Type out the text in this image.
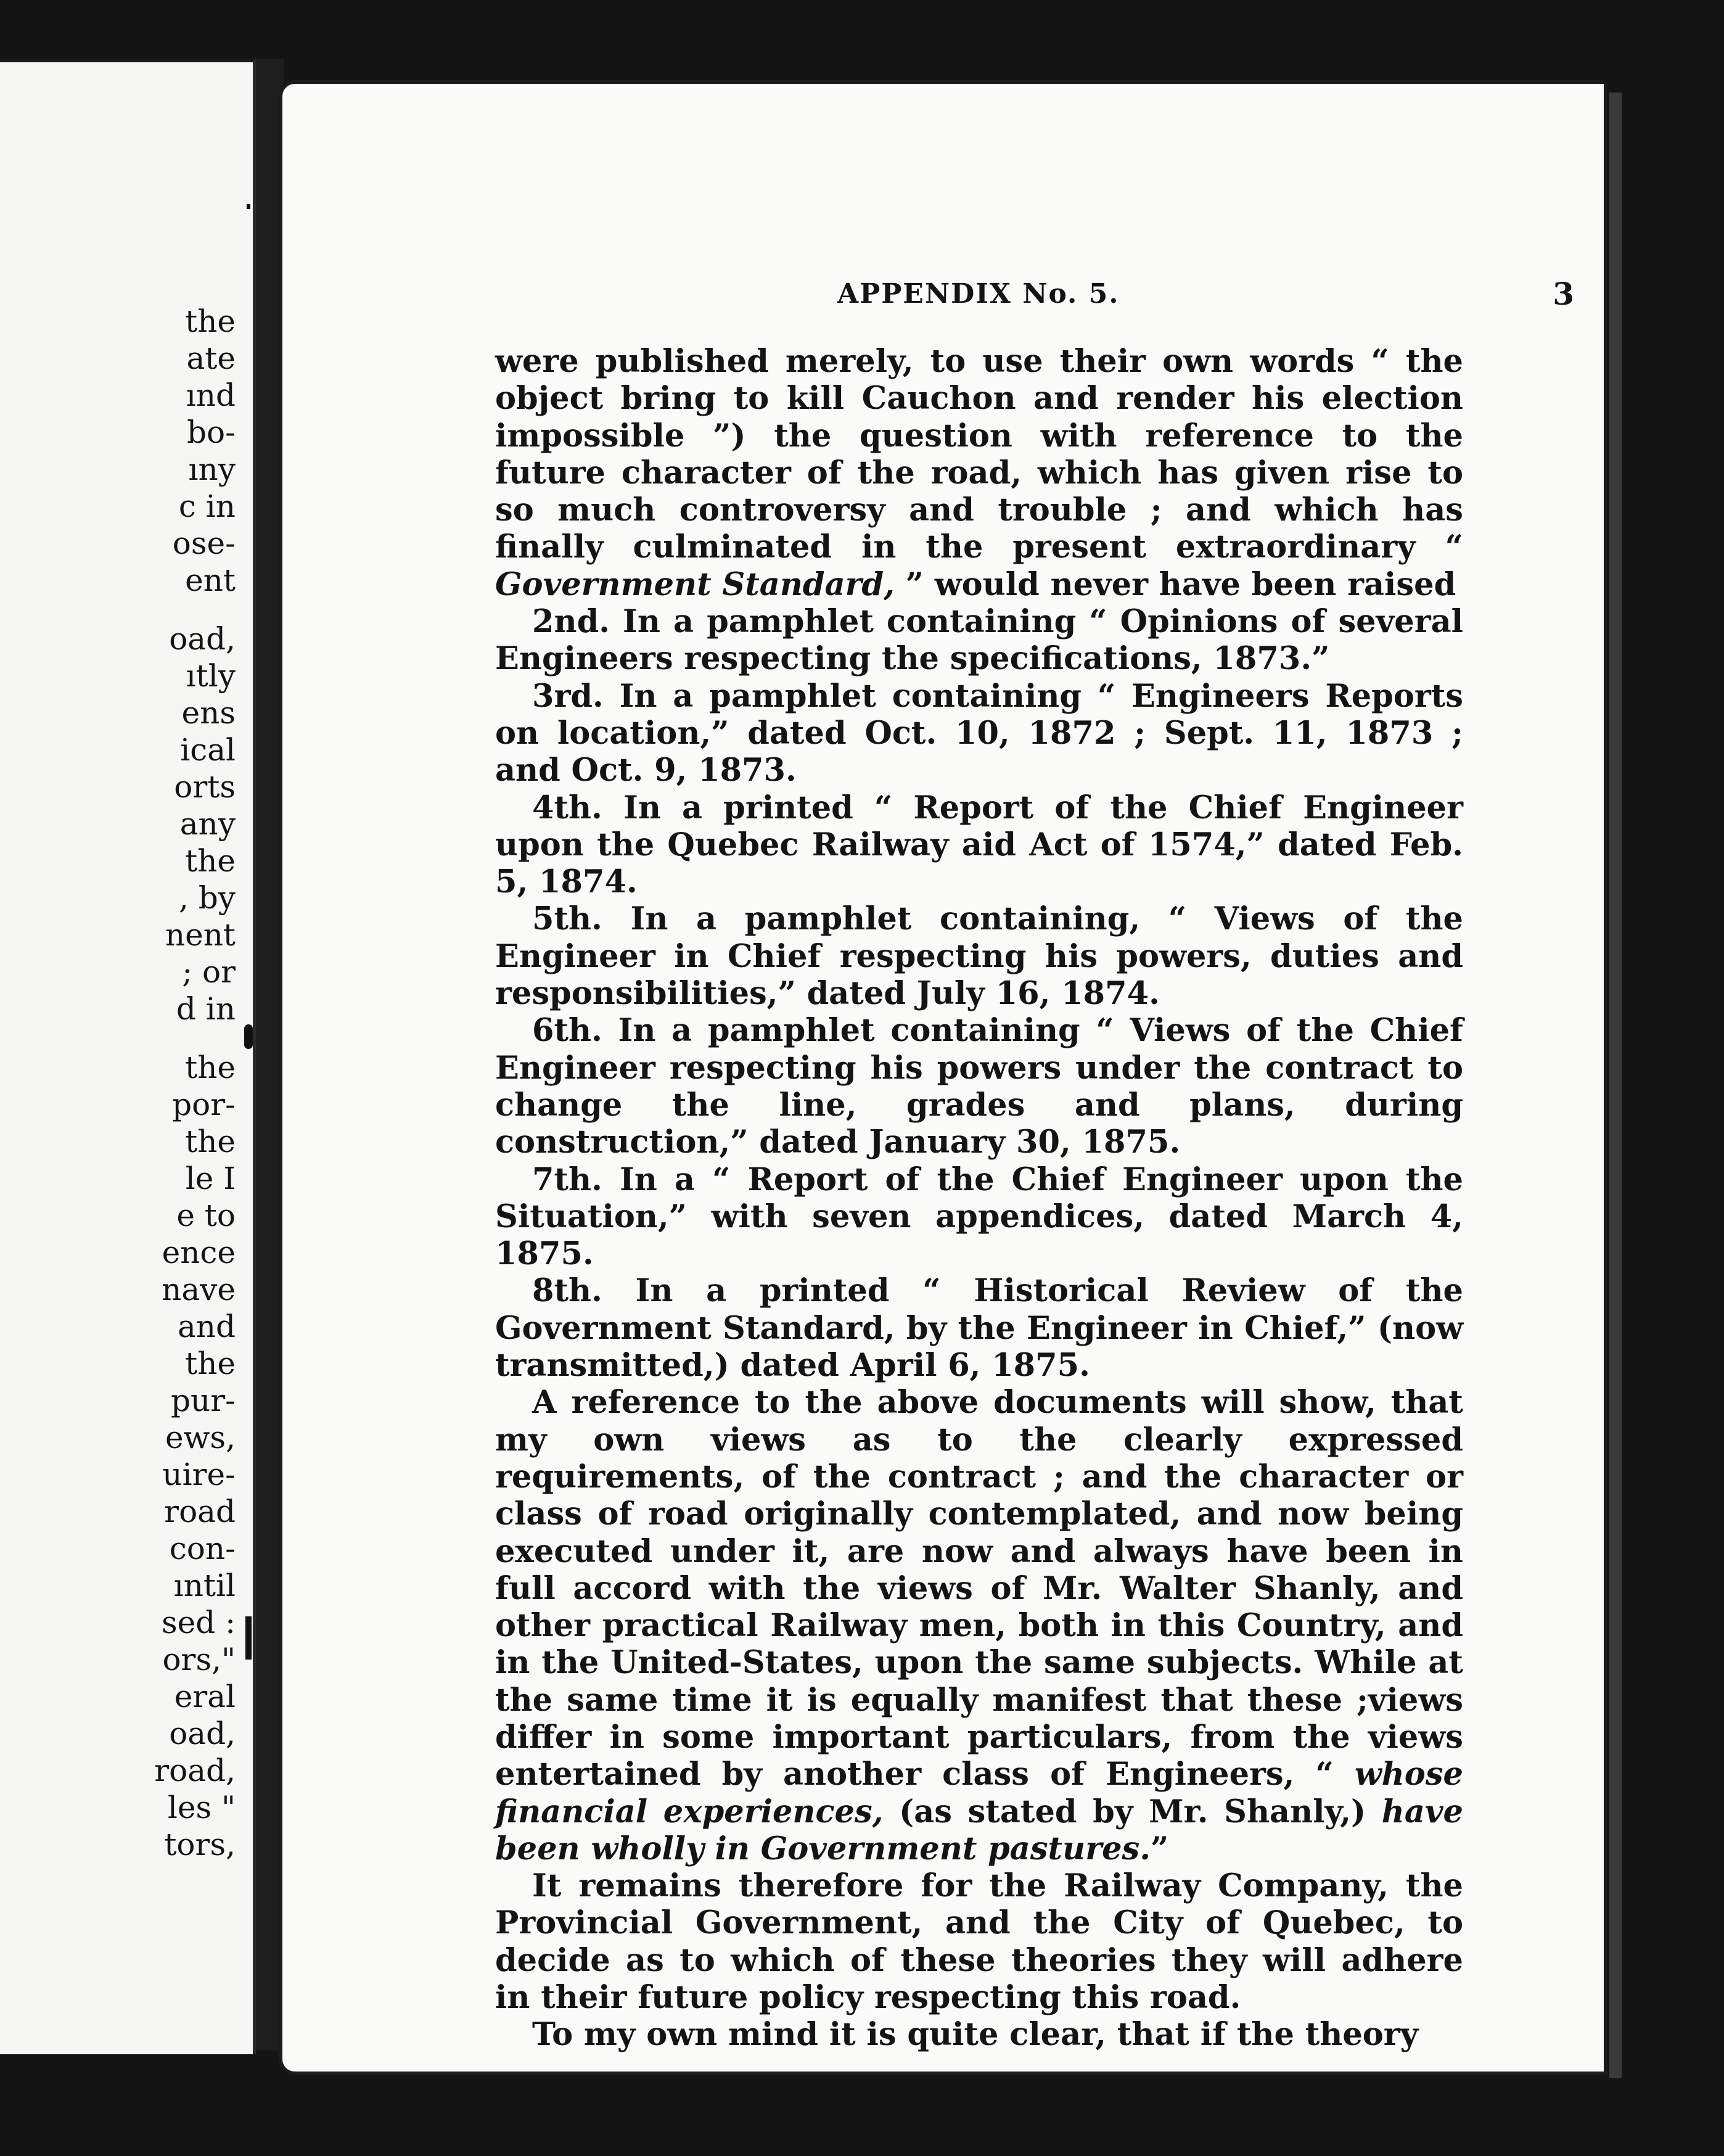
the
ate
ınd
bo-
ıny
c in
ose-
ent
oad,
ıtly
ens
ical
orts
any
the
, by
nent
; or
d in
the
por-
the
le I
e to
ence
nave
and
the
pur-
ews,
uire-
road
con-
ıntil
sed :
ors,"
eral
oad,
road,
les "
tors,
APPENDIX No. 5.	3

were published merely, to use their own words “ the object bring to kill Cauchon and render his election impossible ”) the question with reference to the future character of the road, which has given rise to so much controversy and trouble ; and which has finally culminated in the present extraordinary “ Government Standard, ” would never have been raised

2nd. In a pamphlet containing “ Opinions of several Engineers respecting the specifications, 1873.”

3rd. In a pamphlet containing “ Engineers Reports on location,” dated Oct. 10, 1872 ; Sept. 11, 1873 ; and Oct. 9, 1873.

4th. In a printed “ Report of the Chief Engineer upon the Quebec Railway aid Act of 1574,” dated Feb. 5, 1874.

5th. In a pamphlet containing, “ Views of the Engineer in Chief respecting his powers, duties and responsibilities,” dated July 16, 1874.

6th. In a pamphlet containing “ Views of the Chief Engineer respecting his powers under the contract to change the line, grades and plans, during construction,” dated January 30, 1875.

7th. In a “ Report of the Chief Engineer upon the Situation,” with seven appendices, dated March 4, 1875.

8th. In a printed “ Historical Review of the Government Standard, by the Engineer in Chief,” (now transmitted,) dated April 6, 1875.

A reference to the above documents will show, that my own views as to the clearly expressed requirements, of the contract ; and the character or class of road originally contemplated, and now being executed under it, are now and always have been in full accord with the views of Mr. Walter Shanly, and other practical Railway men, both in this Country, and in the United-States, upon the same subjects. While at the same time it is equally manifest that these ;views differ in some important particulars, from the views entertained by another class of Engineers, “ whose financial experiences, (as stated by Mr. Shanly,) have been wholly in Government pastures.”

It remains therefore for the Railway Company, the Provincial Government, and the City of Quebec, to decide as to which of these theories they will adhere in their future policy respecting this road.

To my own mind it is quite clear, that if the theory
